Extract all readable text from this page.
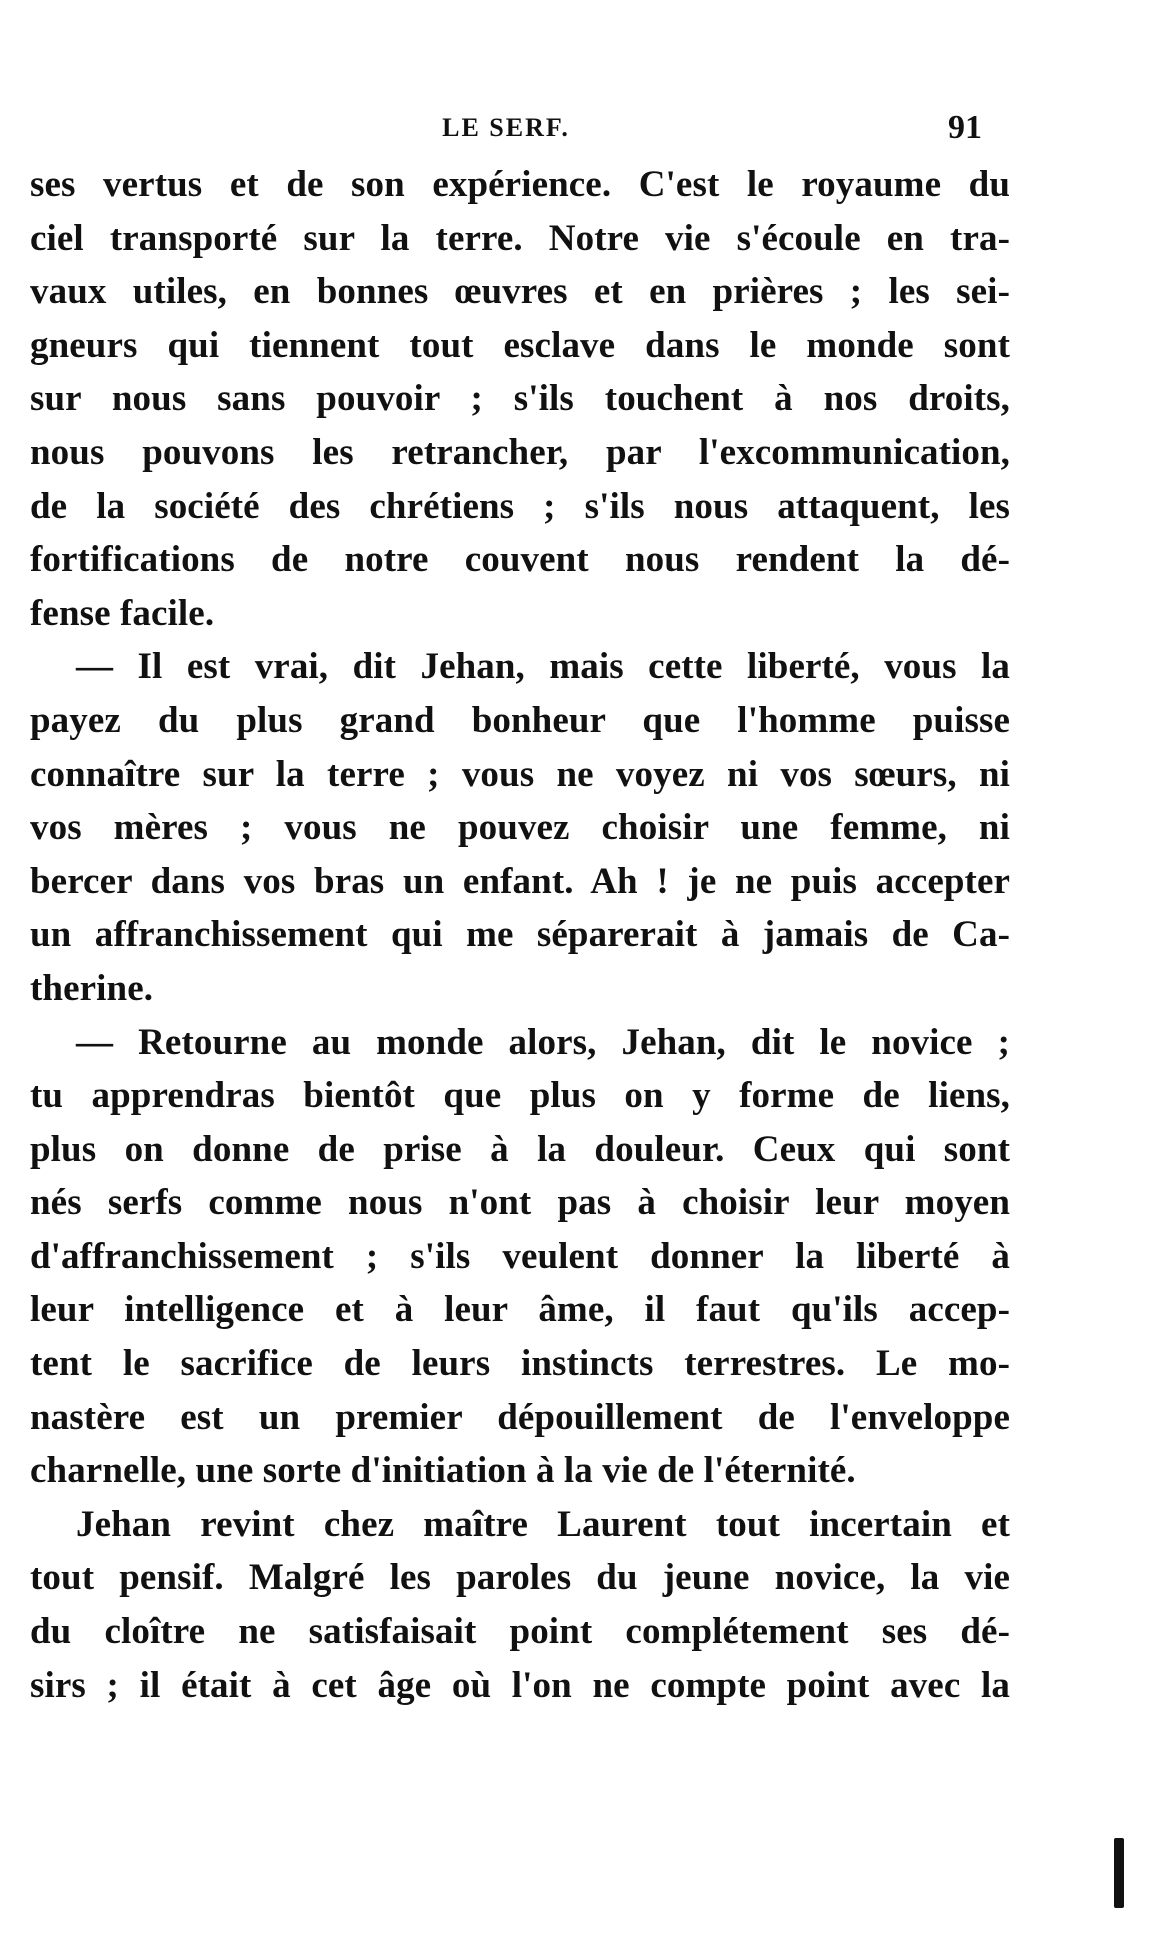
LE SERF.	91
ses vertus et de son expérience. C'est le royaume du
ciel transporté sur la terre. Notre vie s'écoule en tra-
vaux utiles, en bonnes œuvres et en prières ; les sei-
gneurs qui tiennent tout esclave dans le monde sont
sur nous sans pouvoir ; s'ils touchent à nos droits,
nous pouvons les retrancher, par l'excommunication,
de la société des chrétiens ; s'ils nous attaquent, les
fortifications de notre couvent nous rendent la dé-
fense facile.
— Il est vrai, dit Jehan, mais cette liberté, vous la
payez du plus grand bonheur que l'homme puisse
connaître sur la terre ; vous ne voyez ni vos sœurs, ni
vos mères ; vous ne pouvez choisir une femme, ni
bercer dans vos bras un enfant. Ah ! je ne puis accepter
un affranchissement qui me séparerait à jamais de Ca-
therine.
— Retourne au monde alors, Jehan, dit le novice ;
tu apprendras bientôt que plus on y forme de liens,
plus on donne de prise à la douleur. Ceux qui sont
nés serfs comme nous n'ont pas à choisir leur moyen
d'affranchissement ; s'ils veulent donner la liberté à
leur intelligence et à leur âme, il faut qu'ils accep-
tent le sacrifice de leurs instincts terrestres. Le mo-
nastère est un premier dépouillement de l'enveloppe
charnelle, une sorte d'initiation à la vie de l'éternité.
Jehan revint chez maître Laurent tout incertain et
tout pensif. Malgré les paroles du jeune novice, la vie
du cloître ne satisfaisait point complétement ses dé-
sirs ; il était à cet âge où l'on ne compte point avec la
